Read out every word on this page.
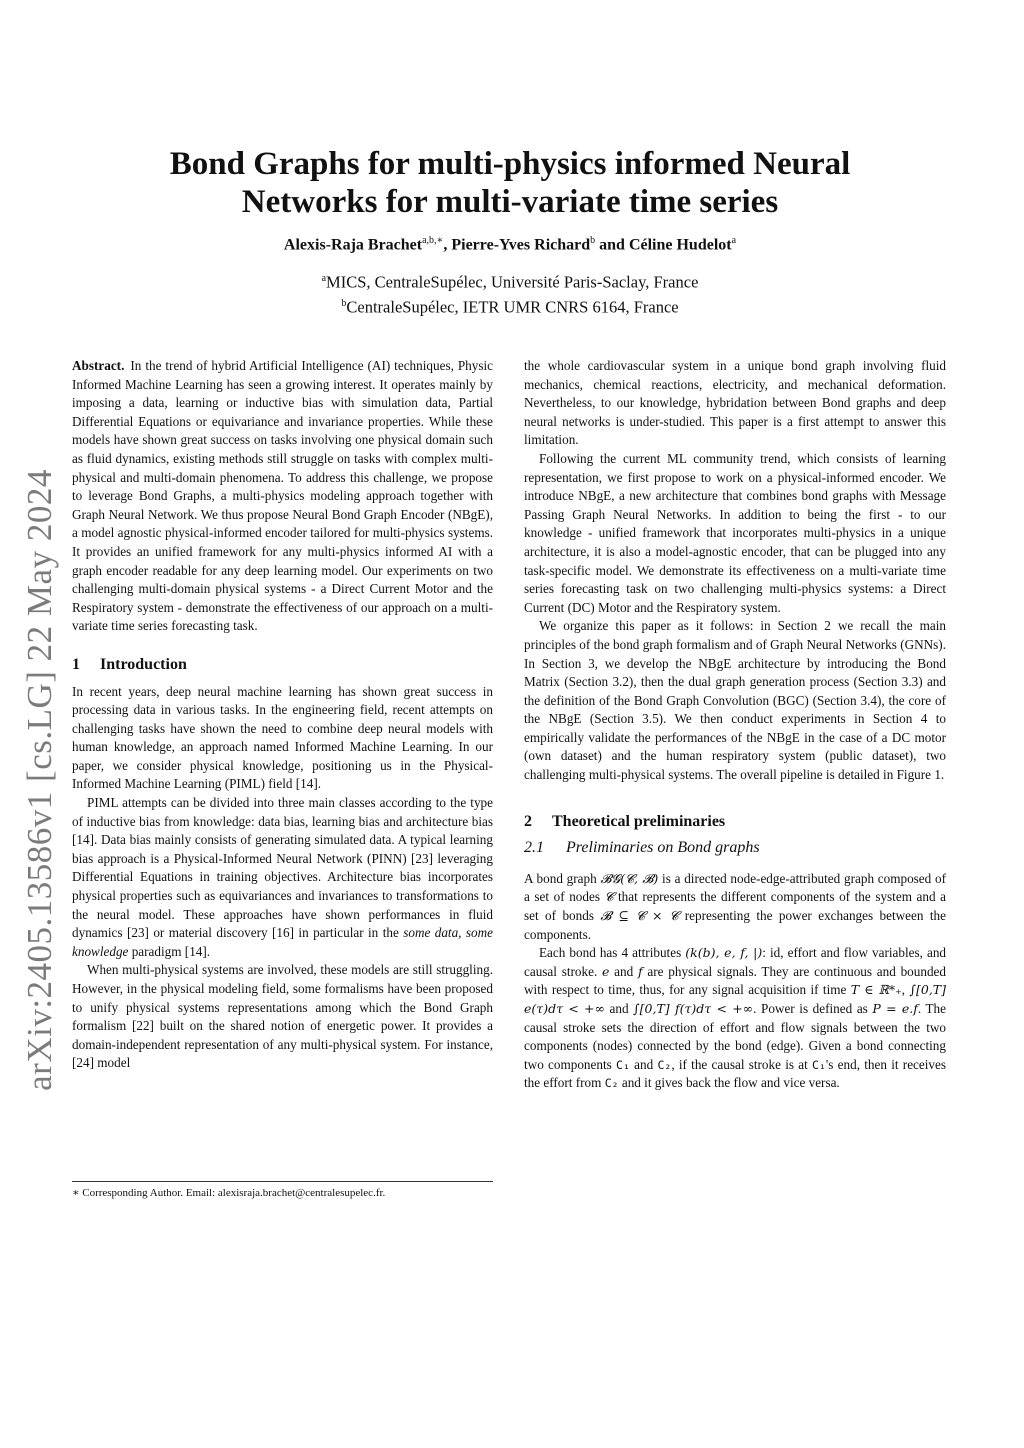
arXiv:2405.13586v1 [cs.LG] 22 May 2024
Bond Graphs for multi-physics informed Neural Networks for multi-variate time series
Alexis-Raja Brachet$^{a,b,∗}$, Pierre-Yves Richard$^b$ and Céline Hudelot$^a$
$^a$MICS, CentraleSupélec, Université Paris-Saclay, France
$^b$CentraleSupélec, IETR UMR CNRS 6164, France

Abstract. In the trend of hybrid Artificial Intelligence (AI) techniques, Physic Informed Machine Learning has seen a growing interest. It operates mainly by imposing a data, learning or inductive bias with simulation data, Partial Differential Equations or equivariance and invariance properties. While these models have shown great success on tasks involving one physical domain such as fluid dynamics, existing methods still struggle on tasks with complex multi-physical and multi-domain phenomena. To address this challenge, we propose to leverage Bond Graphs, a multi-physics modeling approach together with Graph Neural Network. We thus propose Neural Bond Graph Encoder (NBgE), a model agnostic physical-informed encoder tailored for multi-physics systems. It provides an unified framework for any multi-physics informed AI with a graph encoder readable for any deep learning model. Our experiments on two challenging multi-domain physical systems - a Direct Current Motor and the Respiratory system - demonstrate the effectiveness of our approach on a multi-variate time series forecasting task.

1 Introduction

In recent years, deep neural machine learning has shown great success in processing data in various tasks. In the engineering field, recent attempts on challenging tasks have shown the need to combine deep neural models with human knowledge, an approach named Informed Machine Learning. In our paper, we consider physical knowledge, positioning us in the Physical-Informed Machine Learning (PIML) field [14].

PIML attempts can be divided into three main classes according to the type of inductive bias from knowledge: data bias, learning bias and architecture bias [14]. Data bias mainly consists of generating simulated data. A typical learning bias approach is a Physical-Informed Neural Network (PINN) [23] leveraging Differential Equations in training objectives. Architecture bias incorporates physical properties such as equivariances and invariances to transformations to the neural model. These approaches have shown performances in fluid dynamics [23] or material discovery [16] in particular in the some data, some knowledge paradigm [14].

When multi-physical systems are involved, these models are still struggling. However, in the physical modeling field, some formalisms have been proposed to unify physical systems representations among which the Bond Graph formalism [22] built on the shared notion of energetic power. It provides a domain-independent representation of any multi-physical system. For instance, [24] model

∗ Corresponding Author. Email: alexisraja.brachet@centralesupelec.fr.

the whole cardiovascular system in a unique bond graph involving fluid mechanics, chemical reactions, electricity, and mechanical deformation. Nevertheless, to our knowledge, hybridation between Bond graphs and deep neural networks is under-studied. This paper is a first attempt to answer this limitation.

Following the current ML community trend, which consists of learning representation, we first propose to work on a physical-informed encoder. We introduce NBgE, a new architecture that combines bond graphs with Message Passing Graph Neural Networks. In addition to being the first - to our knowledge - unified framework that incorporates multi-physics in a unique architecture, it is also a model-agnostic encoder, that can be plugged into any task-specific model. We demonstrate its effectiveness on a multi-variate time series forecasting task on two challenging multi-physics systems: a Direct Current (DC) Motor and the Respiratory system.

We organize this paper as it follows: in Section 2 we recall the main principles of the bond graph formalism and of Graph Neural Networks (GNNs). In Section 3, we develop the NBgE architecture by introducing the Bond Matrix (Section 3.2), then the dual graph generation process (Section 3.3) and the definition of the Bond Graph Convolution (BGC) (Section 3.4), the core of the NBgE (Section 3.5). We then conduct experiments in Section 4 to empirically validate the performances of the NBgE in the case of a DC motor (own dataset) and the human respiratory system (public dataset), two challenging multi-physical systems. The overall pipeline is detailed in Figure 1.

2 Theoretical preliminaries
2.1 Preliminaries on Bond graphs

A bond graph 𝓑𝓖(𝓒, 𝓑) is a directed node-edge-attributed graph composed of a set of nodes 𝓒 that represents the different components of the system and a set of bonds 𝓑 ⊆ 𝓒 × 𝓒 representing the power exchanges between the components.

Each bond has 4 attributes (k(b), e, f, |): id, effort and flow variables, and causal stroke. e and f are physical signals. They are continuous and bounded with respect to time, thus, for any signal acquisition if time T ∈ ℝ*₊, ∫[0,T] e(τ)dτ < +∞ and ∫[0,T] f(τ)dτ < +∞. Power is defined as P = e.f. The causal stroke sets the direction of effort and flow signals between the two components (nodes) connected by the bond (edge). Given a bond connecting two components C₁ and C₂, if the causal stroke is at C₁'s end, then it receives the effort from C₂ and it gives back the flow and vice versa.
